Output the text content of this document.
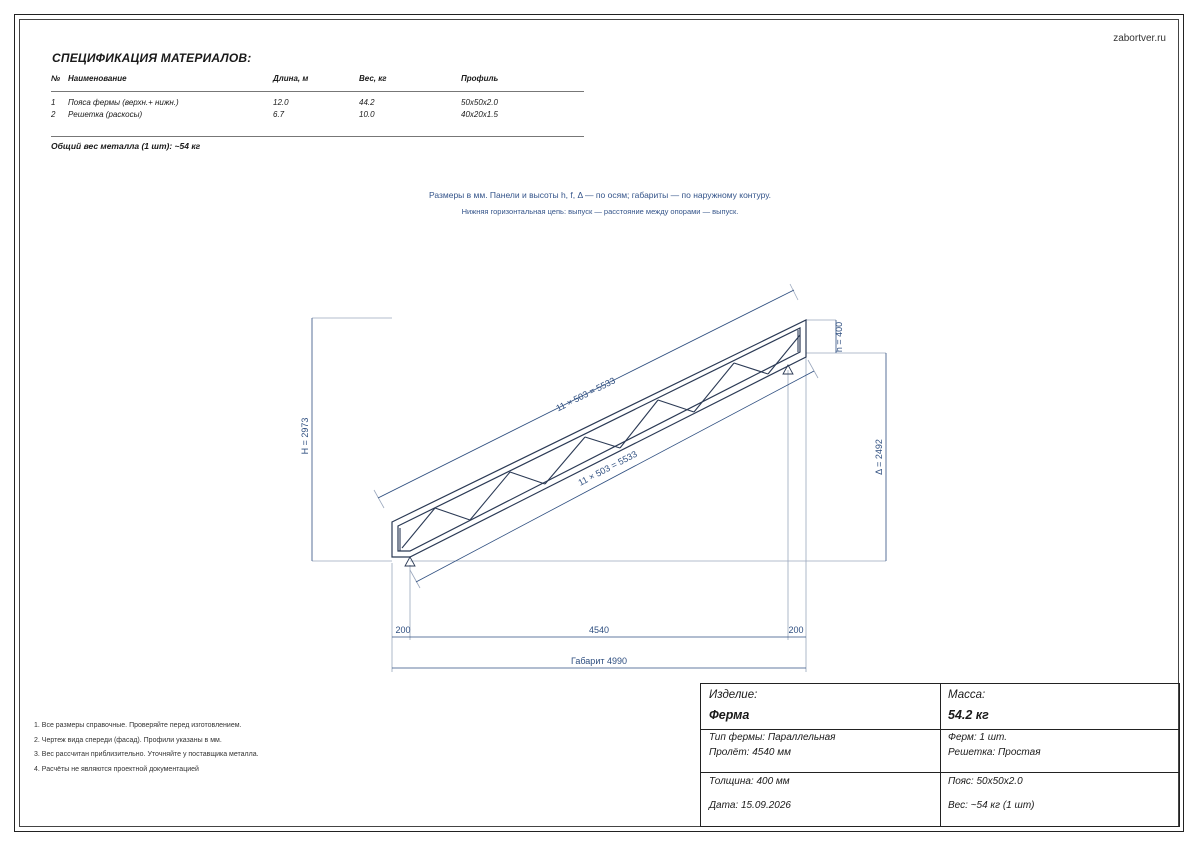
zabortver.ru
СПЕЦИФИКАЦИЯ МАТЕРИАЛОВ:
№ Наименование	Длина, м	Вес, кг	Профиль
1 Пояса фермы (верхн.+ нижн.)	12.0	44.2	50x50x2.0
2 Решетка (раскосы)	6.7	10.0	40x20x1.5
Общий вес металла (1 шт): ~54 кг
Размеры в мм. Панели и высоты h, f, Δ — по осям; габариты — по наружному контуру.
Нижняя горизонтальная цепь: выпуск — расстояние между опорами — выпуск.
H = 2973
h = 400
Δ = 2492
11 × 503 = 5533
11 × 503 = 5533
200	4540	200
Габарит 4990
1. Все размеры справочные. Проверяйте перед изготовлением.
2. Чертеж вида спереди (фасад). Профили указаны в мм.
3. Вес рассчитан приблизительно. Уточняйте у поставщика металла.
4. Расчёты не являются проектной документацией
Изделие:
Ферма
Масса:
54.2 кг
Тип фермы: Параллельная
Пролёт: 4540 мм
Ферм: 1 шт.
Решетка: Простая
Толщина: 400 мм
Дата: 15.09.2026
Пояс: 50x50x2.0
Вес: ~54 кг (1 шт)
